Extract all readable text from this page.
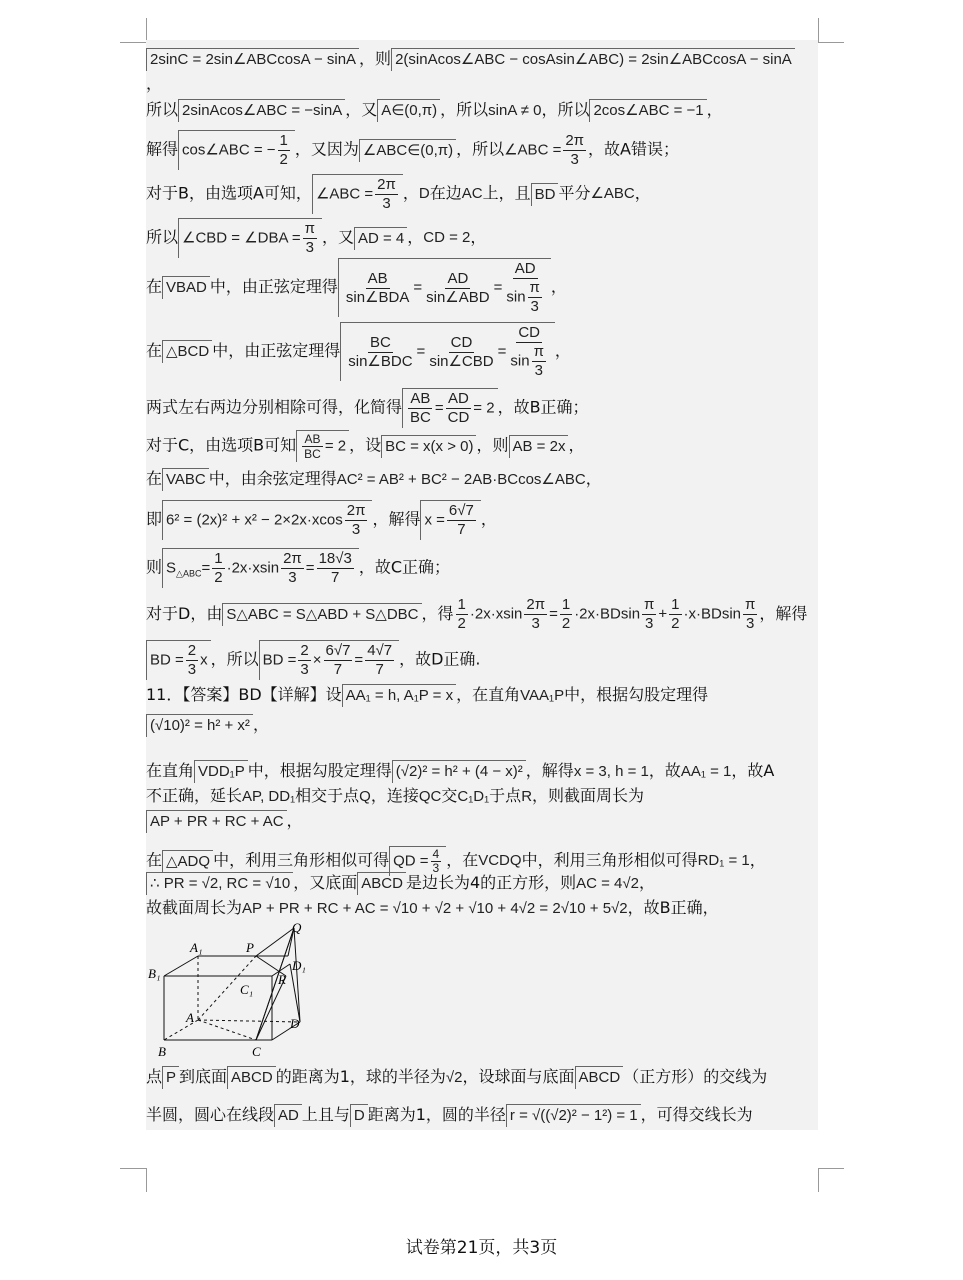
2sinC = 2sin∠ABCcosA − sinA ，则 2(sinAcos∠ABC − cosAsin∠ABC) = 2sin∠ABCcosA − sinA
，
所以 2sinAcos∠ABC = −sinA ，又 A∈(0,π) ，所以sinA ≠ 0，所以 2cos∠ABC = −1 ，
解得 cos∠ABC = − $\frac{1}{2}$ ，又因为 ∠ABC∈(0,π) ，所以∠ABC = $\frac{2\pi}{3}$ ，故A错误；
对于B，由选项A可知， ∠ABC = $\frac{2\pi}{3}$ ，D在边AC上，且 BD 平分∠ABC，
所以 ∠CBD = ∠DBA = $\frac{\pi}{3}$ ，又 AD = 4 ，CD = 2，
在 VBAD 中，由正弦定理得 $\frac{AB}{\text{sin∠BDA}} = \frac{AD}{\text{sin∠ABD}} = \frac{AD}{\sin \frac{\pi}{3}}$ ，
在 △BCD 中，由正弦定理得 $\frac{BC}{\text{sin∠BDC}} = \frac{CD}{\text{sin∠CBD}} = \frac{CD}{\sin \frac{\pi}{3}}$ ，
两式左右两边分别相除可得，化简得 $\frac{AB}{BC} = \frac{AD}{CD} = 2$ ，故B正确；
对于C，由选项B可知 $\frac{AB}{BC} = 2$ ，设 BC = x(x > 0) ，则 AB = 2x ，
在 VABC 中，由余弦定理得AC² = AB² + BC² − 2AB·BCcos∠ABC，
即 $6^2 = (2x)^2 + x^2 - 2\times 2x\cdot xcos \frac{2\pi}{3}$ ，解得 $x = \frac{6√7}{7}$ ，
则 $S_{\triangle ABC}= \frac{1}{2} \cdot 2x\cdot xsin \frac{2\pi}{3} = \frac{18√3}{7}$ ，故C正确；
对于D，由 S△ABC = S△ABD + S△DBC ，得 $\frac{1}{2} \cdot 2x\cdot xsin \frac{2\pi}{3} = \frac{1}{2} \cdot 2x\cdot BDsin \frac{\pi}{3} + \frac{1}{2} \cdot x\cdot BDsin \frac{\pi}{3}$ ，解得
BD = $\frac{2}{3}$ x ，所以 BD = $\frac{2}{3} \times \frac{6√7}{7} = \frac{4√7}{7}$ ，故D正确.
11．【答案】BD【详解】设 AA₁ = h, A₁P = x ，在直角VAA₁P中，根据勾股定理得
(√10)² = h² + x² ，
在直角 VDD₁P 中，根据勾股定理得 (√2)² = h² + (4 − x)² ，解得x = 3, h = 1，故AA₁ = 1，故A
不正确，延长AP, DD₁相交于点Q，连接QC交C₁D₁于点R，则截面周长为
AP + PR + RC + AC ，
在 △ADQ 中，利用三角形相似可得 QD = $\frac{4}{3}$ ，在VCDQ中，利用三角形相似可得RD₁ = 1，
∴ PR = √2, RC = √10 ，又底面 ABCD 是边长为4的正方形，则AC = 4√2，
故截面周长为AP + PR + RC + AC = √10 + √2 + √10 + 4√2 = 2√10 + 5√2，故B正确，
Q
A₁	P
D₁
B₁
C₁
R
A	D
B	C
点 P 到底面 ABCD 的距离为1，球的半径为√2，设球面与底面 ABCD （正方形）的交线为
半圆，圆心在线段 AD 上且与 D 距离为1，圆的半径 r = √((√2)² − 1²) = 1 ，可得交线长为
试卷第21页，共3页
